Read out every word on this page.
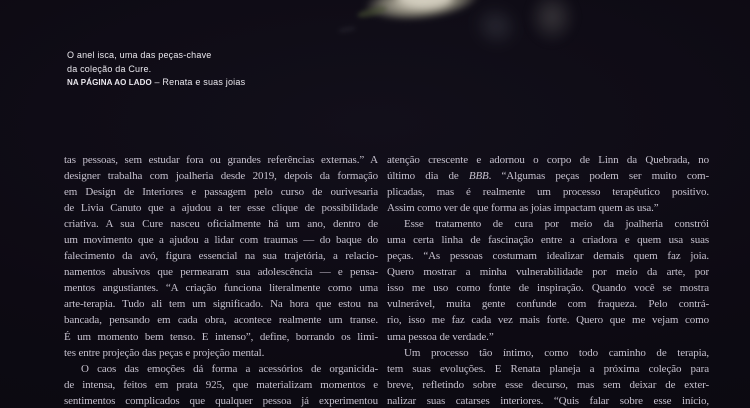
O anel isca, uma das peças-chave
da coleção da Cure.
NA PÁGINA AO LADO – Renata e suas joias
tas pessoas, sem estudar fora ou grandes referências externas.” A
designer trabalha com joalheria desde 2019, depois da formação
em Design de Interiores e passagem pelo curso de ourivesaria
de Livia Canuto que a ajudou a ter esse clique de possibilidade
criativa. A sua Cure nasceu oficialmente há um ano, dentro de
um movimento que a ajudou a lidar com traumas — do baque do
falecimento da avó, figura essencial na sua trajetória, a relacio-
namentos abusivos que permearam sua adolescência — e pensa-
mentos angustiantes. “A criação funciona literalmente como uma
arte-terapia. Tudo ali tem um significado. Na hora que estou na
bancada, pensando em cada obra, acontece realmente um transe.
É um momento bem tenso. E intenso”, define, borrando os limi-
tes entre projeção das peças e projeção mental.
O caos das emoções dá forma a acessórios de organicida-
de intensa, feitos em prata 925, que materializam momentos e
sentimentos complicados que qualquer pessoa já experimentou
atenção crescente e adornou o corpo de Linn da Quebrada, no
último dia de BBB. “Algumas peças podem ser muito com-
plicadas, mas é realmente um processo terapêutico positivo.
Assim como ver de que forma as joias impactam quem as usa.”
Esse tratamento de cura por meio da joalheria constrói
uma certa linha de fascinação entre a criadora e quem usa suas
peças. “As pessoas costumam idealizar demais quem faz joia.
Quero mostrar a minha vulnerabilidade por meio da arte, por
isso me uso como fonte de inspiração. Quando você se mostra
vulnerável, muita gente confunde com fraqueza. Pelo contrá-
rio, isso me faz cada vez mais forte. Quero que me vejam como
uma pessoa de verdade.”
Um processo tão íntimo, como todo caminho de terapia,
tem suas evoluções. E Renata planeja a próxima coleção para
breve, refletindo sobre esse decurso, mas sem deixar de exter-
nalizar suas catarses interiores. “Quis falar sobre esse início,
